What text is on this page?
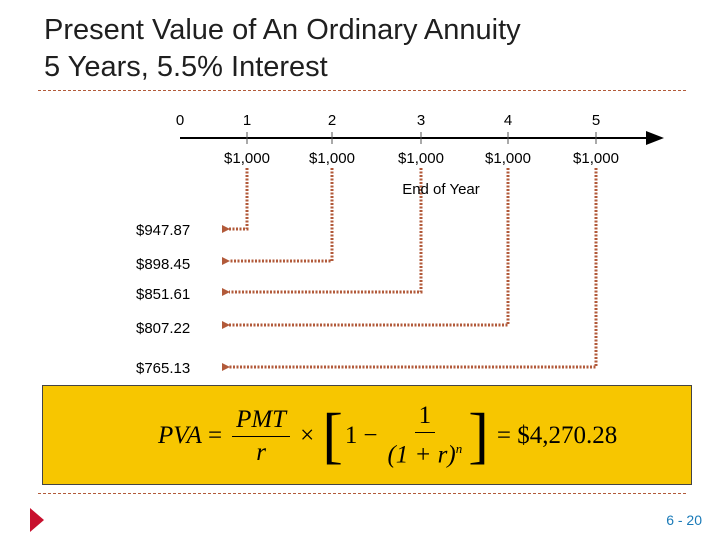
Present Value of An Ordinary Annuity
5 Years, 5.5% Interest
0	1	2	3	4	5
$1,000	$1,000	$1,000	$1,000	$1,000
End of Year
$947.87
$898.45
$851.61
$807.22
$765.13
PVA = $\frac{\text{PMT}}{r}$ × [ $1 - \frac{1}{(1 + r)^n}$ ] = $4,270.28
6 - 20
